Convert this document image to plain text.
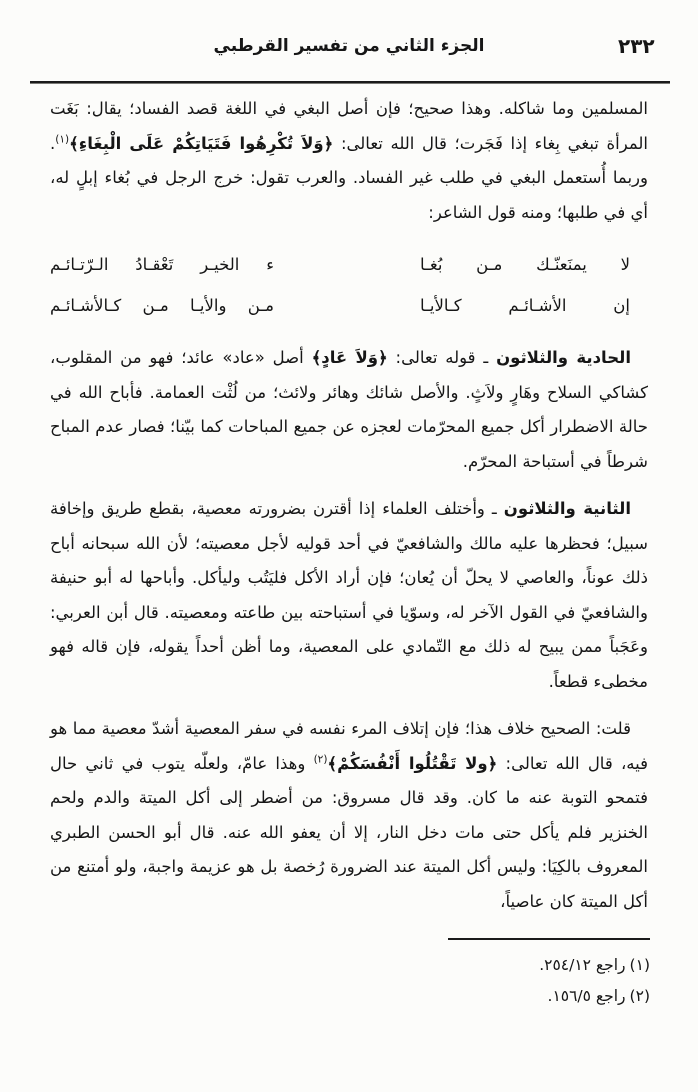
الجزء الثاني من تفسير القرطبي	٢٣٢

المسلمين وما شاكله. وهذا صحيح؛ فإن أصل البغي في اللغة قصد الفساد؛ يقال: بَغَت المرأة تبغي بِغاء إذا فَجَرت؛ قال الله تعالى: ﴿وَلاَ تُكْرِهُوا فَتَيَاتِكُمْ عَلَى الْبِغَاءِ﴾$^{(١)}$. وربما أُستعمل البغي في طلب غير الفساد. والعرب تقول: خرج الرجل في بُغاء إبلٍ له، أي في طلبها؛ ومنه قول الشاعر:

لا يمنَعنّـك مـن بُغـا
ء الخيـر تَعْقـادُ الـرّتـائـم
إن الأشـائـم كـالأيـا
مـن والأيـا مـن كـالأشـائـم

الحادية والثلاثون ـ قوله تعالى: ﴿وَلاَ عَادٍ﴾ أصل «عاد» عائد؛ فهو من المقلوب، كشاكي السلاح وهَارٍ ولاَثٍ. والأصل شائك وهائر ولائث؛ من لُثْت العمامة. فأباح الله في حالة الاضطرار أكل جميع المحرّمات لعجزه عن جميع المباحات كما بيّنا؛ فصار عدم المباح شرطاً في أستباحة المحرّم.

الثانية والثلاثون ـ وأختلف العلماء إذا أقترن بضرورته معصية، بقطع طريق وإخافة سبيل؛ فحظرها عليه مالك والشافعيّ في أحد قوليه لأجل معصيته؛ لأن الله سبحانه أباح ذلك عوناً، والعاصي لا يحلّ أن يُعان؛ فإن أراد الأكل فليَتُب وليأكل. وأباحها له أبو حنيفة والشافعيّ في القول الآخر له، وسوّيا في أستباحته بين طاعته ومعصيته. قال أبن العربي: وعَجَباً ممن يبيح له ذلك مع التّمادي على المعصية، وما أظن أحداً يقوله، فإن قاله فهو مخطىء قطعاً.

قلت: الصحيح خلاف هذا؛ فإن إتلاف المرء نفسه في سفر المعصية أشدّ معصية مما هو فيه، قال الله تعالى: ﴿ولا تَقْتُلُوا أَنْفُسَكُمْ﴾$^{(٢)}$ وهذا عامّ، ولعلّه يتوب في ثاني حال فتمحو التوبة عنه ما كان. وقد قال مسروق: من أضطر إلى أكل الميتة والدم ولحم الخنزير فلم يأكل حتى مات دخل النار، إلا أن يعفو الله عنه. قال أبو الحسن الطبري المعروف بالكِيَا: وليس أكل الميتة عند الضرورة رُخصة بل هو عزيمة واجبة، ولو أمتنع من أكل الميتة كان عاصياً،

(١)راجع ٢٥٤/١٢.
(٢)راجع ١٥٦/٥.
